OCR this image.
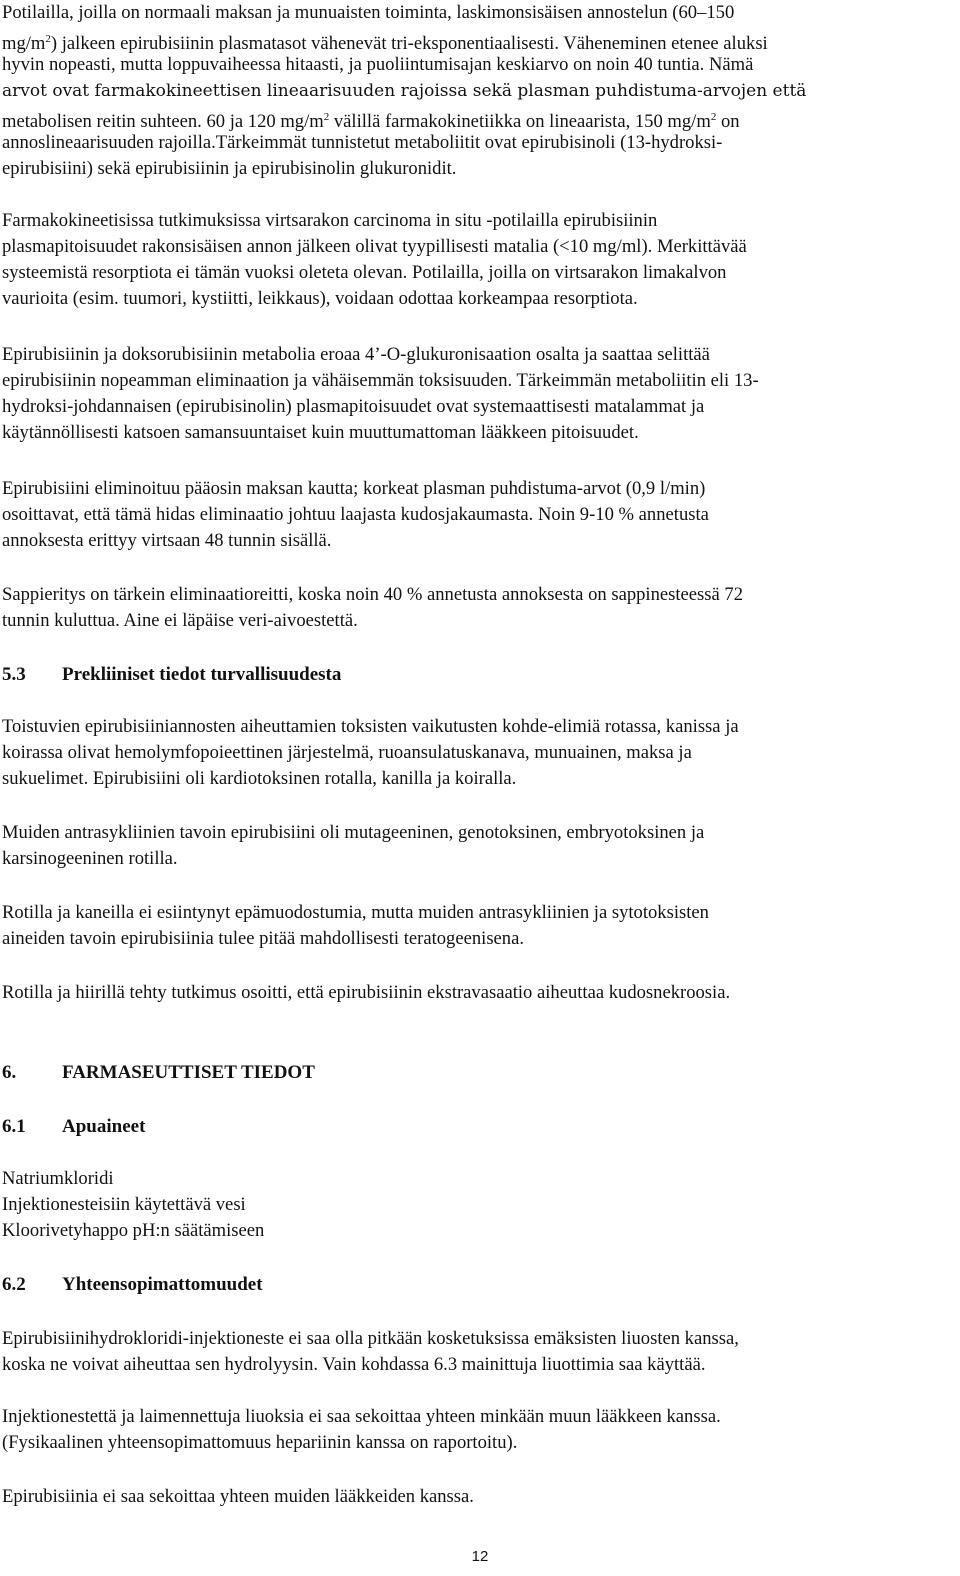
Potilailla, joilla on normaali maksan ja munuaisten toiminta, laskimonsisäisen annostelun (60–150
$mg/m^2$) jalkeen epirubisiinin plasmatasot vähenevät tri-eksponentiaalisesti. Väheneminen etenee aluksi
hyvin nopeasti, mutta loppuvaiheessa hitaasti, ja puoliintumisajan keskiarvo on noin 40 tuntia. Nämä
arvot ovat farmakokineettisen lineaarisuuden rajoissa sekä plasman puhdistuma-arvojen että
metabolisen reitin suhteen. 60 ja 120 $mg/m^2$ välillä farmakokinetiikka on lineaarista, 150 $mg/m^2$ on
annoslineaarisuuden rajoilla.Tärkeimmät tunnistetut metaboliitit ovat epirubisinoli (13-hydroksi-
epirubisiini) sekä epirubisiinin ja epirubisinolin glukuronidit.
Farmakokineetisissa tutkimuksissa virtsarakon carcinoma in situ -potilailla epirubisiinin
plasmapitoisuudet rakonsisäisen annon jälkeen olivat tyypillisesti matalia (<10 mg/ml). Merkittävää
systeemistä resorptiota ei tämän vuoksi oleteta olevan. Potilailla, joilla on virtsarakon limakalvon
vaurioita (esim. tuumori, kystiitti, leikkaus), voidaan odottaa korkeampaa resorptiota.
Epirubisiinin ja doksorubisiinin metabolia eroaa 4’-O-glukuronisaation osalta ja saattaa selittää
epirubisiinin nopeamman eliminaation ja vähäisemmän toksisuuden. Tärkeimmän metaboliitin eli 13-
hydroksi-johdannaisen (epirubisinolin) plasmapitoisuudet ovat systemaattisesti matalammat ja
käytännöllisesti katsoen samansuuntaiset kuin muuttumattoman lääkkeen pitoisuudet.
Epirubisiini eliminoituu pääosin maksan kautta; korkeat plasman puhdistuma-arvot (0,9 l/min)
osoittavat, että tämä hidas eliminaatio johtuu laajasta kudosjakaumasta. Noin 9-10 % annetusta
annoksesta erittyy virtsaan 48 tunnin sisällä.
Sappieritys on tärkein eliminaatioreitti, koska noin 40 % annetusta annoksesta on sappinesteessä 72
tunnin kuluttua. Aine ei läpäise veri-aivoestettä.
5.3 Prekliiniset tiedot turvallisuudesta
Toistuvien epirubisiiniannosten aiheuttamien toksisten vaikutusten kohde-elimiä rotassa, kanissa ja
koirassa olivat hemolymfopoieettinen järjestelmä, ruoansulatuskanava, munuainen, maksa ja
sukuelimet. Epirubisiini oli kardiotoksinen rotalla, kanilla ja koiralla.
Muiden antrasykliinien tavoin epirubisiini oli mutageeninen, genotoksinen, embryotoksinen ja
karsinogeeninen rotilla.
Rotilla ja kaneilla ei esiintynyt epämuodostumia, mutta muiden antrasykliinien ja sytotoksisten
aineiden tavoin epirubisiinia tulee pitää mahdollisesti teratogeenisena.
Rotilla ja hiirillä tehty tutkimus osoitti, että epirubisiinin ekstravasaatio aiheuttaa kudosnekroosia.
6. FARMASEUTTISET TIEDOT
6.1 Apuaineet
Natriumkloridi
Injektionesteisiin käytettävä vesi
Kloorivetyhappo pH:n säätämiseen
6.2 Yhteensopimattomuudet
Epirubisiinihydrokloridi-injektioneste ei saa olla pitkään kosketuksissa emäksisten liuosten kanssa,
koska ne voivat aiheuttaa sen hydrolyysin. Vain kohdassa 6.3 mainittuja liuottimia saa käyttää.
Injektionestettä ja laimennettuja liuoksia ei saa sekoittaa yhteen minkään muun lääkkeen kanssa.
(Fysikaalinen yhteensopimattomuus hepariinin kanssa on raportoitu).
Epirubisiinia ei saa sekoittaa yhteen muiden lääkkeiden kanssa.
12
